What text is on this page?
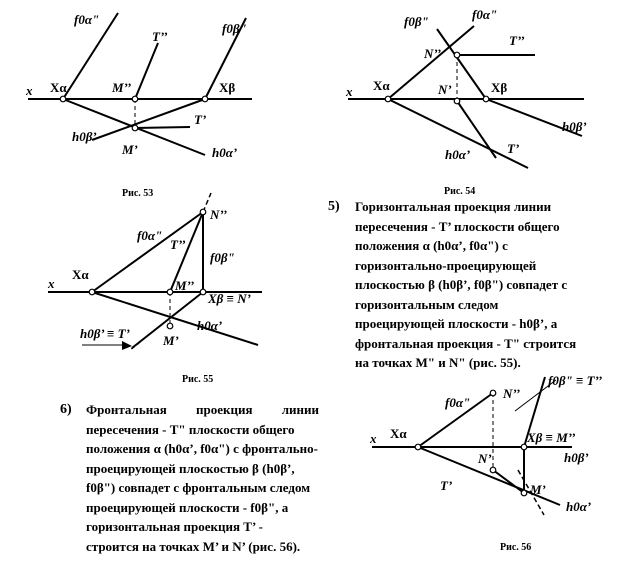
x
f0α"
T’’
f0β"
Xα	M’’	Xβ
T’
h0β’
M’	h0α’
Рис. 53
x
f0β"	f0α"
N’’
T’’
Xα	N’	Xβ
h0β’
T’
h0α’
Рис. 54
x
N’’
f0α"
T’’
f0β"
Xα
M’’
Xβ ≡ N’
h0β’ ≡ T’
h0α’
M’
Рис. 55
x
f0α"
N’’
f0β" ≡ T’’
Xα	Xβ ≡ M’’
N’	h0β’
T’	M’
h0α’
Рис. 56
5) Горизонтальная проекция линии
пересечения - T’ плоскости общего
положения α (h0α’, f0α") с
горизонтально-проецирующей
плоскостью β (h0β’, f0β") совпадет с
горизонтальным следом
проецирующей плоскости - h0β’, а
фронтальная проекция - T" строится
на точках M" и N" (рис. 55).
6) Фронтальная         проекция         линии
пересечения - T" плоскости общего
положения α (h0α’, f0α") с фронтально-
проецирующей плоскостью β (h0β’,
f0β") совпадет с фронтальным следом
проецирующей плоскости - f0β", а
горизонтальная проекция T’ -
строится на точках M’ и N’ (рис. 56).
